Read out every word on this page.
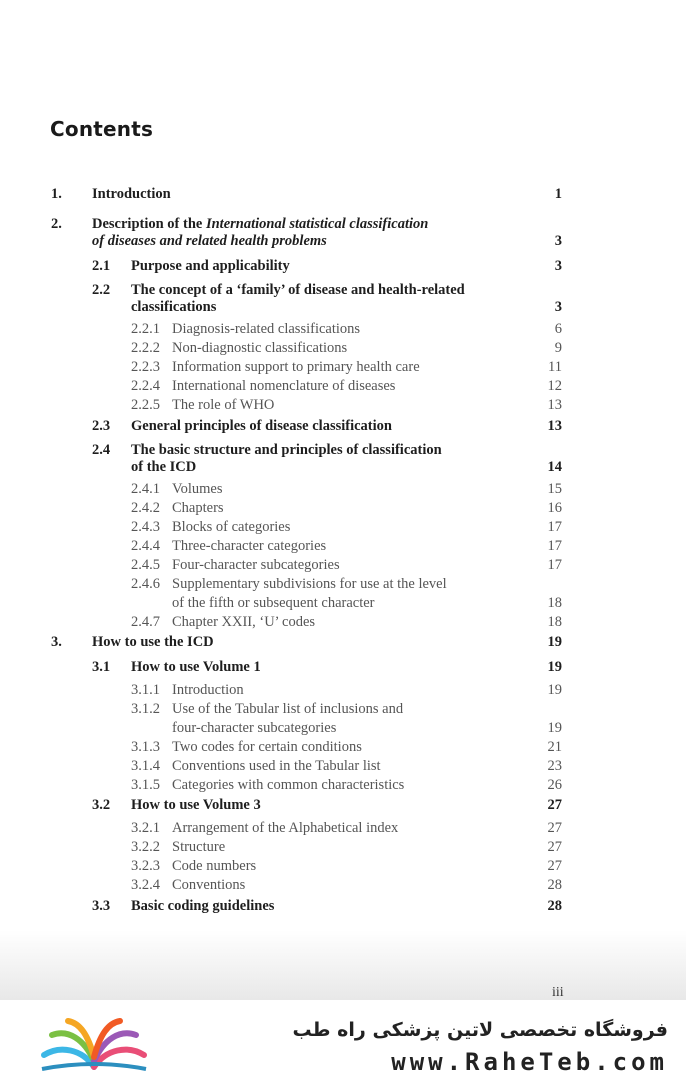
Contents
1. Introduction	1
2. Description of the International statistical classification
of diseases and related health problems	3
2.1 Purpose and applicability	3
2.2 The concept of a ‘family’ of disease and health-related
classifications	3
2.2.1 Diagnosis-related classifications	6
2.2.2 Non-diagnostic classifications	9
2.2.3 Information support to primary health care	11
2.2.4 International nomenclature of diseases	12
2.2.5 The role of WHO	13
2.3 General principles of disease classification	13
2.4 The basic structure and principles of classification
of the ICD	14
2.4.1 Volumes	15
2.4.2 Chapters	16
2.4.3 Blocks of categories	17
2.4.4 Three-character categories	17
2.4.5 Four-character subcategories	17
2.4.6 Supplementary subdivisions for use at the level
of the fifth or subsequent character	18
2.4.7 Chapter XXII, ‘U’ codes	18
3. How to use the ICD	19
3.1 How to use Volume 1	19
3.1.1 Introduction	19
3.1.2 Use of the Tabular list of inclusions and
four-character subcategories	19
3.1.3 Two codes for certain conditions	21
3.1.4 Conventions used in the Tabular list	23
3.1.5 Categories with common characteristics	26
3.2 How to use Volume 3	27
3.2.1 Arrangement of the Alphabetical index	27
3.2.2 Structure	27
3.2.3 Code numbers	27
3.2.4 Conventions	28
3.3 Basic coding guidelines	28
iii
فروشگاه تخصصی لاتین پزشکی راه طب
www.RaheTeb.com
